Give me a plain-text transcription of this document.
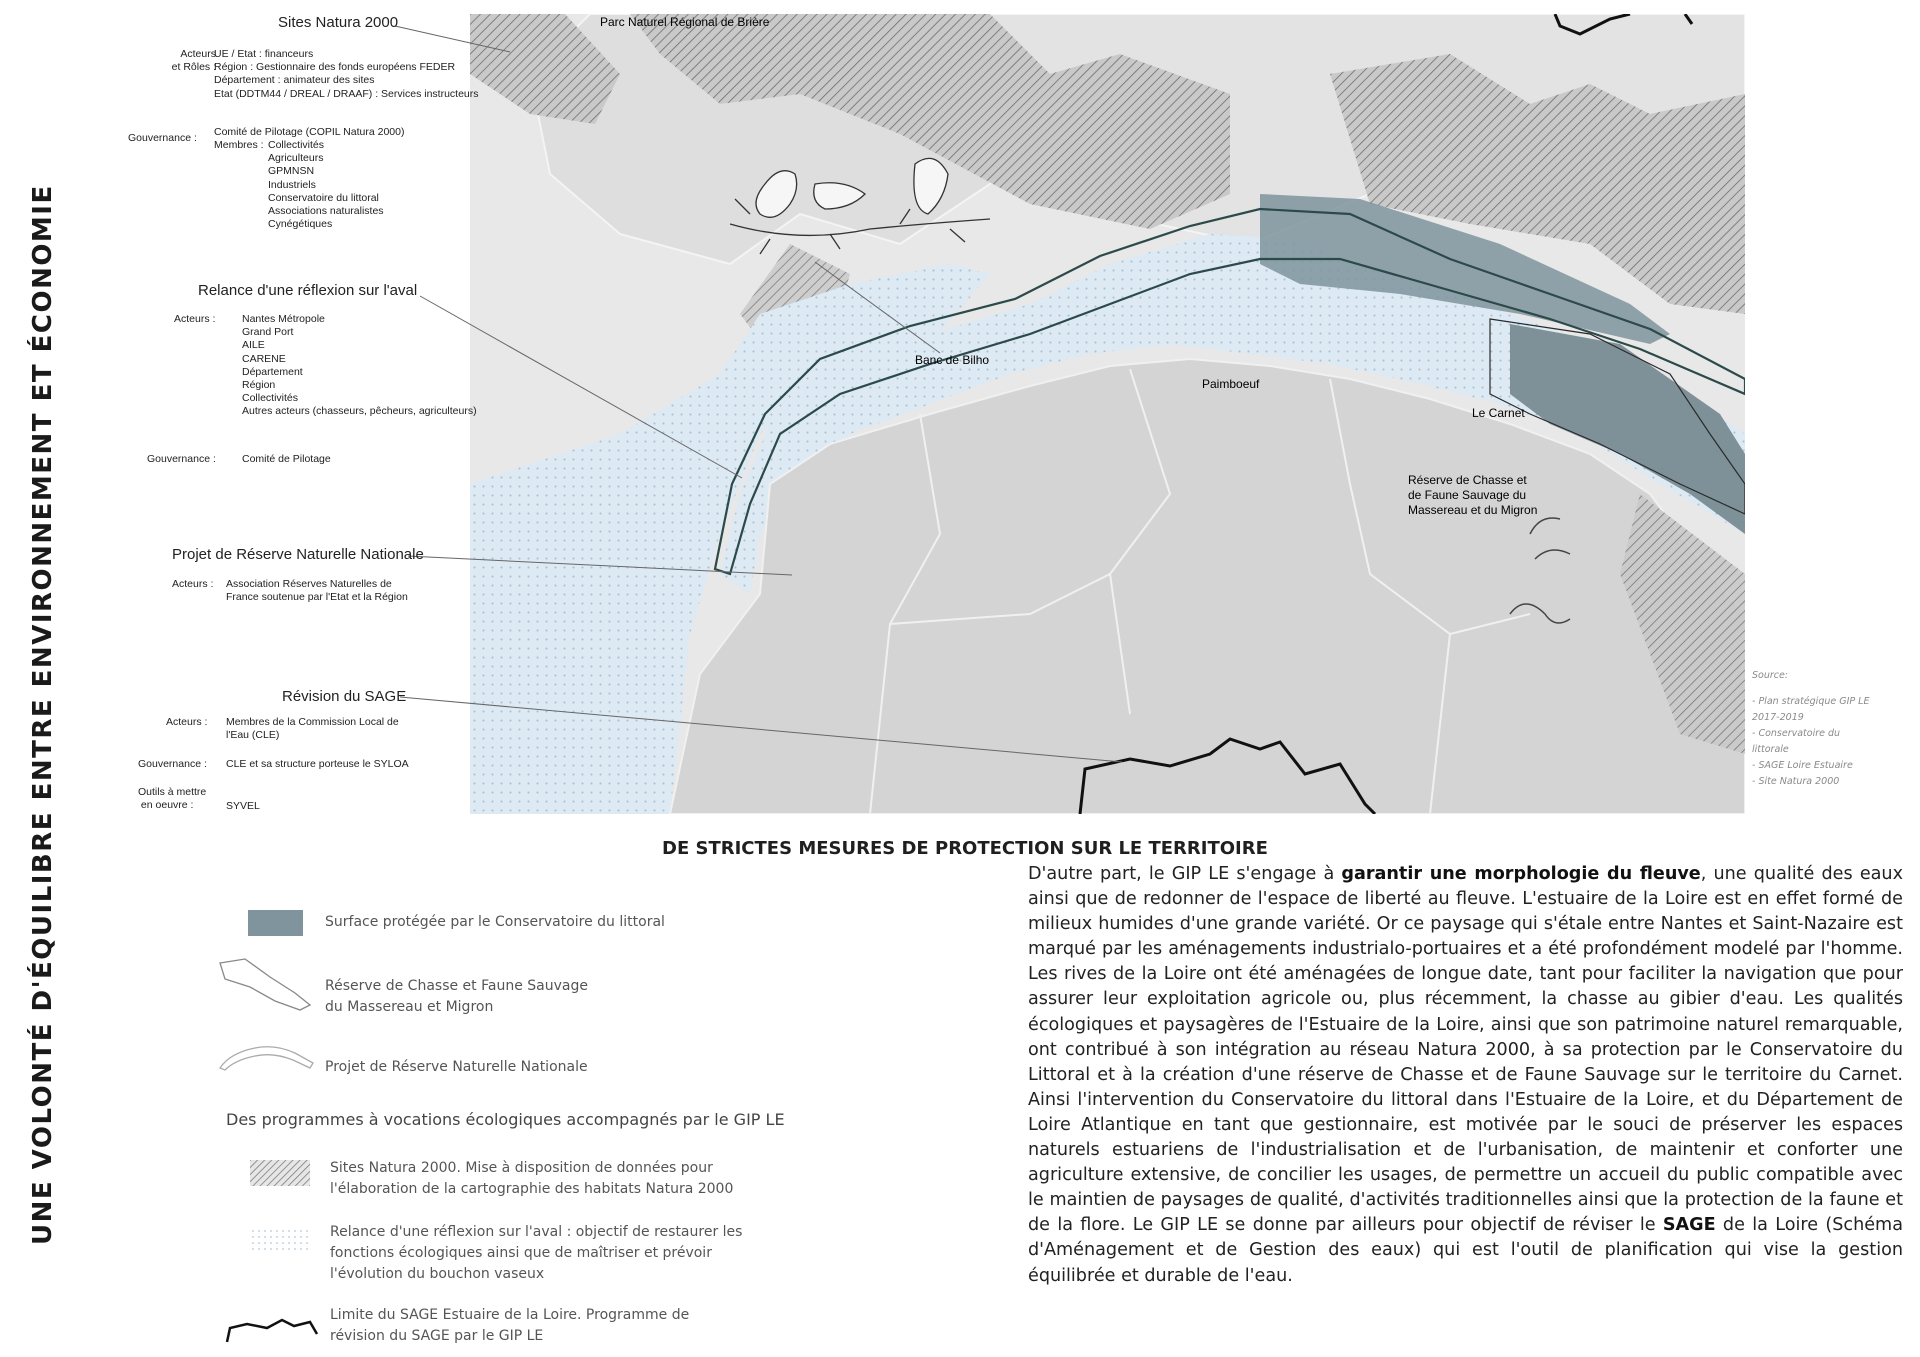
UNE VOLONTÉ D'ÉQUILIBRE ENTRE ENVIRONNEMENT ET ÉCONOMIE
Parc Naturel Régional de Brière
Banc de Bilho
Paimboeuf
Le Carnet
Réserve de Chasse et
de Faune Sauvage du
Massereau et du Migron
Source:
- Plan stratégique GIP LE
2017-2019
- Conservatoire du
littorale
- SAGE Loire Estuaire
- Site Natura 2000
Sites Natura 2000
Acteurs
et Rôles :
UE / Etat : financeurs
Région : Gestionnaire des fonds européens FEDER
Département : animateur des sites
Etat (DDTM44 / DREAL / DRAAF) : Services instructeurs
Gouvernance : Comité de Pilotage (COPIL Natura 2000)
Membres : Collectivités
Agriculteurs
GPMNSN
Industriels
Conservatoire du littoral
Associations naturalistes
Cynégétiques
Relance d'une réflexion sur l'aval
Acteurs :	Nantes Métropole
Grand Port
AILE
CARENE
Département
Région
Collectivités
Autres acteurs (chasseurs, pêcheurs, agriculteurs)
Gouvernance : Comité de Pilotage
Projet de Réserve Naturelle Nationale
Acteurs : Association Réserves Naturelles de
France soutenue par l'Etat et la Région
Révision du SAGE
Acteurs : Membres de la Commission Local de
l'Eau (CLE)
Gouvernance : CLE et sa structure porteuse le SYLOA
Outils à mettre
en oeuvre :	SYVEL
DE STRICTES MESURES DE PROTECTION SUR LE TERRITOIRE
Surface protégée par le Conservatoire du littoral
Réserve de Chasse et Faune Sauvage
du Massereau et Migron
Projet de Réserve Naturelle Nationale
Des programmes à vocations écologiques accompagnés par le GIP LE
Sites Natura 2000. Mise à disposition de données pour
l'élaboration de la cartographie des habitats Natura 2000
Relance d'une réflexion sur l'aval : objectif de restaurer les
fonctions écologiques ainsi que de maîtriser et prévoir
l'évolution du bouchon vaseux
Limite du SAGE Estuaire de la Loire. Programme de
révision du SAGE par le GIP LE
D'autre part, le GIP LE s'engage à garantir une morphologie du fleuve, une qualité des eaux ainsi que de redonner de l'espace de liberté au fleuve. L'estuaire de la Loire est en effet formé de milieux humides d'une grande variété. Or ce paysage qui s'étale entre Nantes et Saint-Nazaire est marqué par les aménagements industrialo-portuaires et a été profondément modelé par l'homme. Les rives de la Loire ont été aménagées de longue date, tant pour faciliter la navigation que pour assurer leur exploitation agricole ou, plus récemment, la chasse au gibier d'eau. Les qualités écologiques et paysagères de l'Estuaire de la Loire, ainsi que son patrimoine naturel remarquable, ont contribué à son intégration au réseau Natura 2000, à sa protection par le Conservatoire du Littoral et à la création d'une réserve de Chasse et de Faune Sauvage sur le territoire du Carnet. Ainsi l'intervention du Conservatoire du littoral dans l'Estuaire de la Loire, et du Département de Loire Atlantique en tant que gestionnaire, est motivée par le souci de préserver les espaces naturels estuariens de l'industrialisation et de l'urbanisation, de maintenir et conforter une agriculture extensive, de concilier les usages, de permettre un accueil du public compatible avec le maintien de paysages de qualité, d'activités traditionnelles ainsi que la protection de la faune et de la flore. Le GIP LE se donne par ailleurs pour objectif de réviser le SAGE de la Loire (Schéma d'Aménagement et de Gestion des eaux) qui est l'outil de planification qui vise la gestion équilibrée et durable de l'eau.
